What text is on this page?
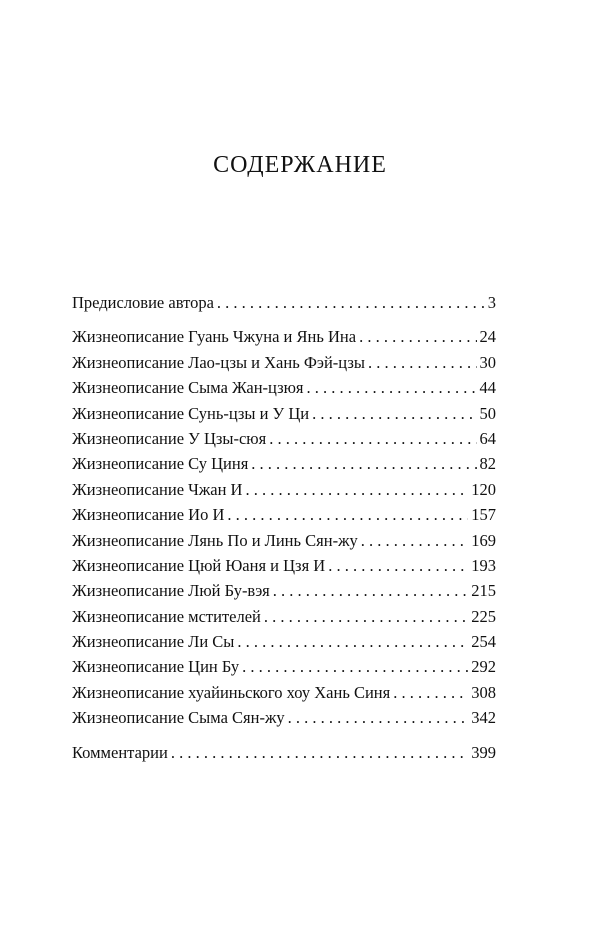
СОДЕРЖАНИЕ
Предисловие автора . . .	3
Жизнеописание Гуань Чжуна и Янь Ина . . .	24
Жизнеописание Лао-цзы и Хань Фэй-цзы . . .	30
Жизнеописание Сыма Жан-цзюя . . .	44
Жизнеописание Сунь-цзы и У Ци . . .	50
Жизнеописание У Цзы-сюя . . .	64
Жизнеописание Су Циня . . .	82
Жизнеописание Чжан И . . .	120
Жизнеописание Ио И . . .	157
Жизнеописание Лянь По и Линь Сян-жу . . .	169
Жизнеописание Цюй Юаня и Цзя И . . .	193
Жизнеописание Люй Бу-вэя . . .	215
Жизнеописание мстителей . . .	225
Жизнеописание Ли Сы . . .	254
Жизнеописание Цин Бу . . .	292
Жизнеописание хуайиньского хоу Хань Синя . . .	308
Жизнеописание Сыма Сян-жу . . .	342
Комментарии . . .	399
